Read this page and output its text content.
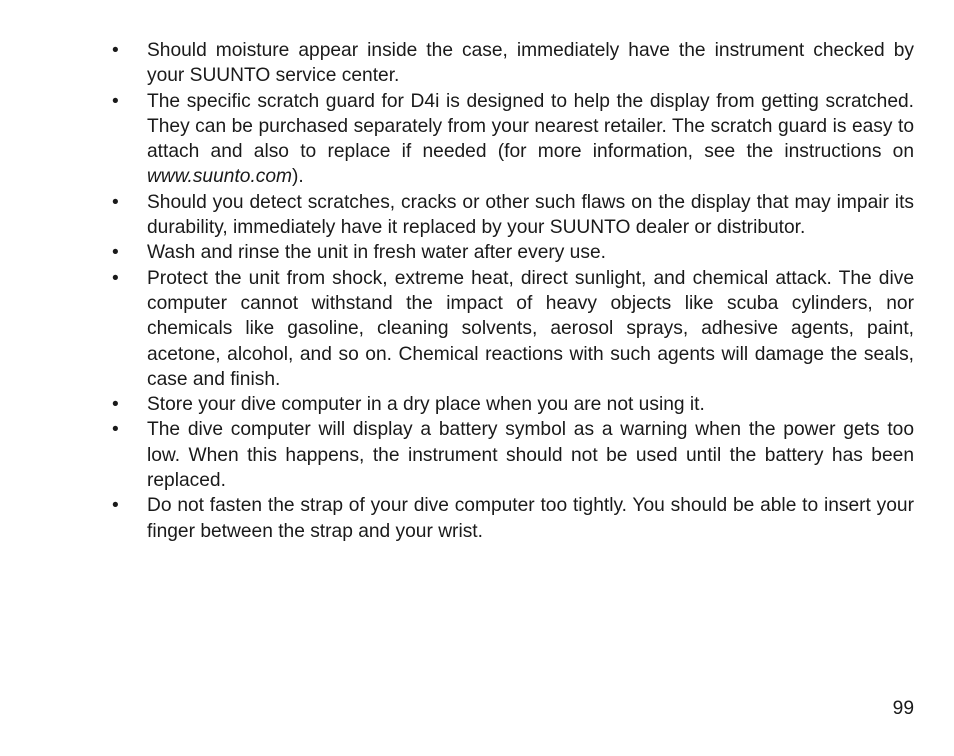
• Should moisture appear inside the case, immediately have the instrument checked by your SUUNTO service center.
• The specific scratch guard for D4i is designed to help the display from getting scratched. They can be purchased separately from your nearest retailer. The scratch guard is easy to attach and also to replace if needed (for more information, see the instructions on www.suunto.com).
• Should you detect scratches, cracks or other such flaws on the display that may impair its durability, immediately have it replaced by your SUUNTO dealer or distributor.
• Wash and rinse the unit in fresh water after every use.
• Protect the unit from shock, extreme heat, direct sunlight, and chemical attack. The dive computer cannot withstand the impact of heavy objects like scuba cylinders, nor chemicals like gasoline, cleaning solvents, aerosol sprays, adhesive agents, paint, acetone, alcohol, and so on. Chemical reactions with such agents will damage the seals, case and finish.
• Store your dive computer in a dry place when you are not using it.
• The dive computer will display a battery symbol as a warning when the power gets too low. When this happens, the instrument should not be used until the battery has been replaced.
• Do not fasten the strap of your dive computer too tightly. You should be able to insert your finger between the strap and your wrist.
99
